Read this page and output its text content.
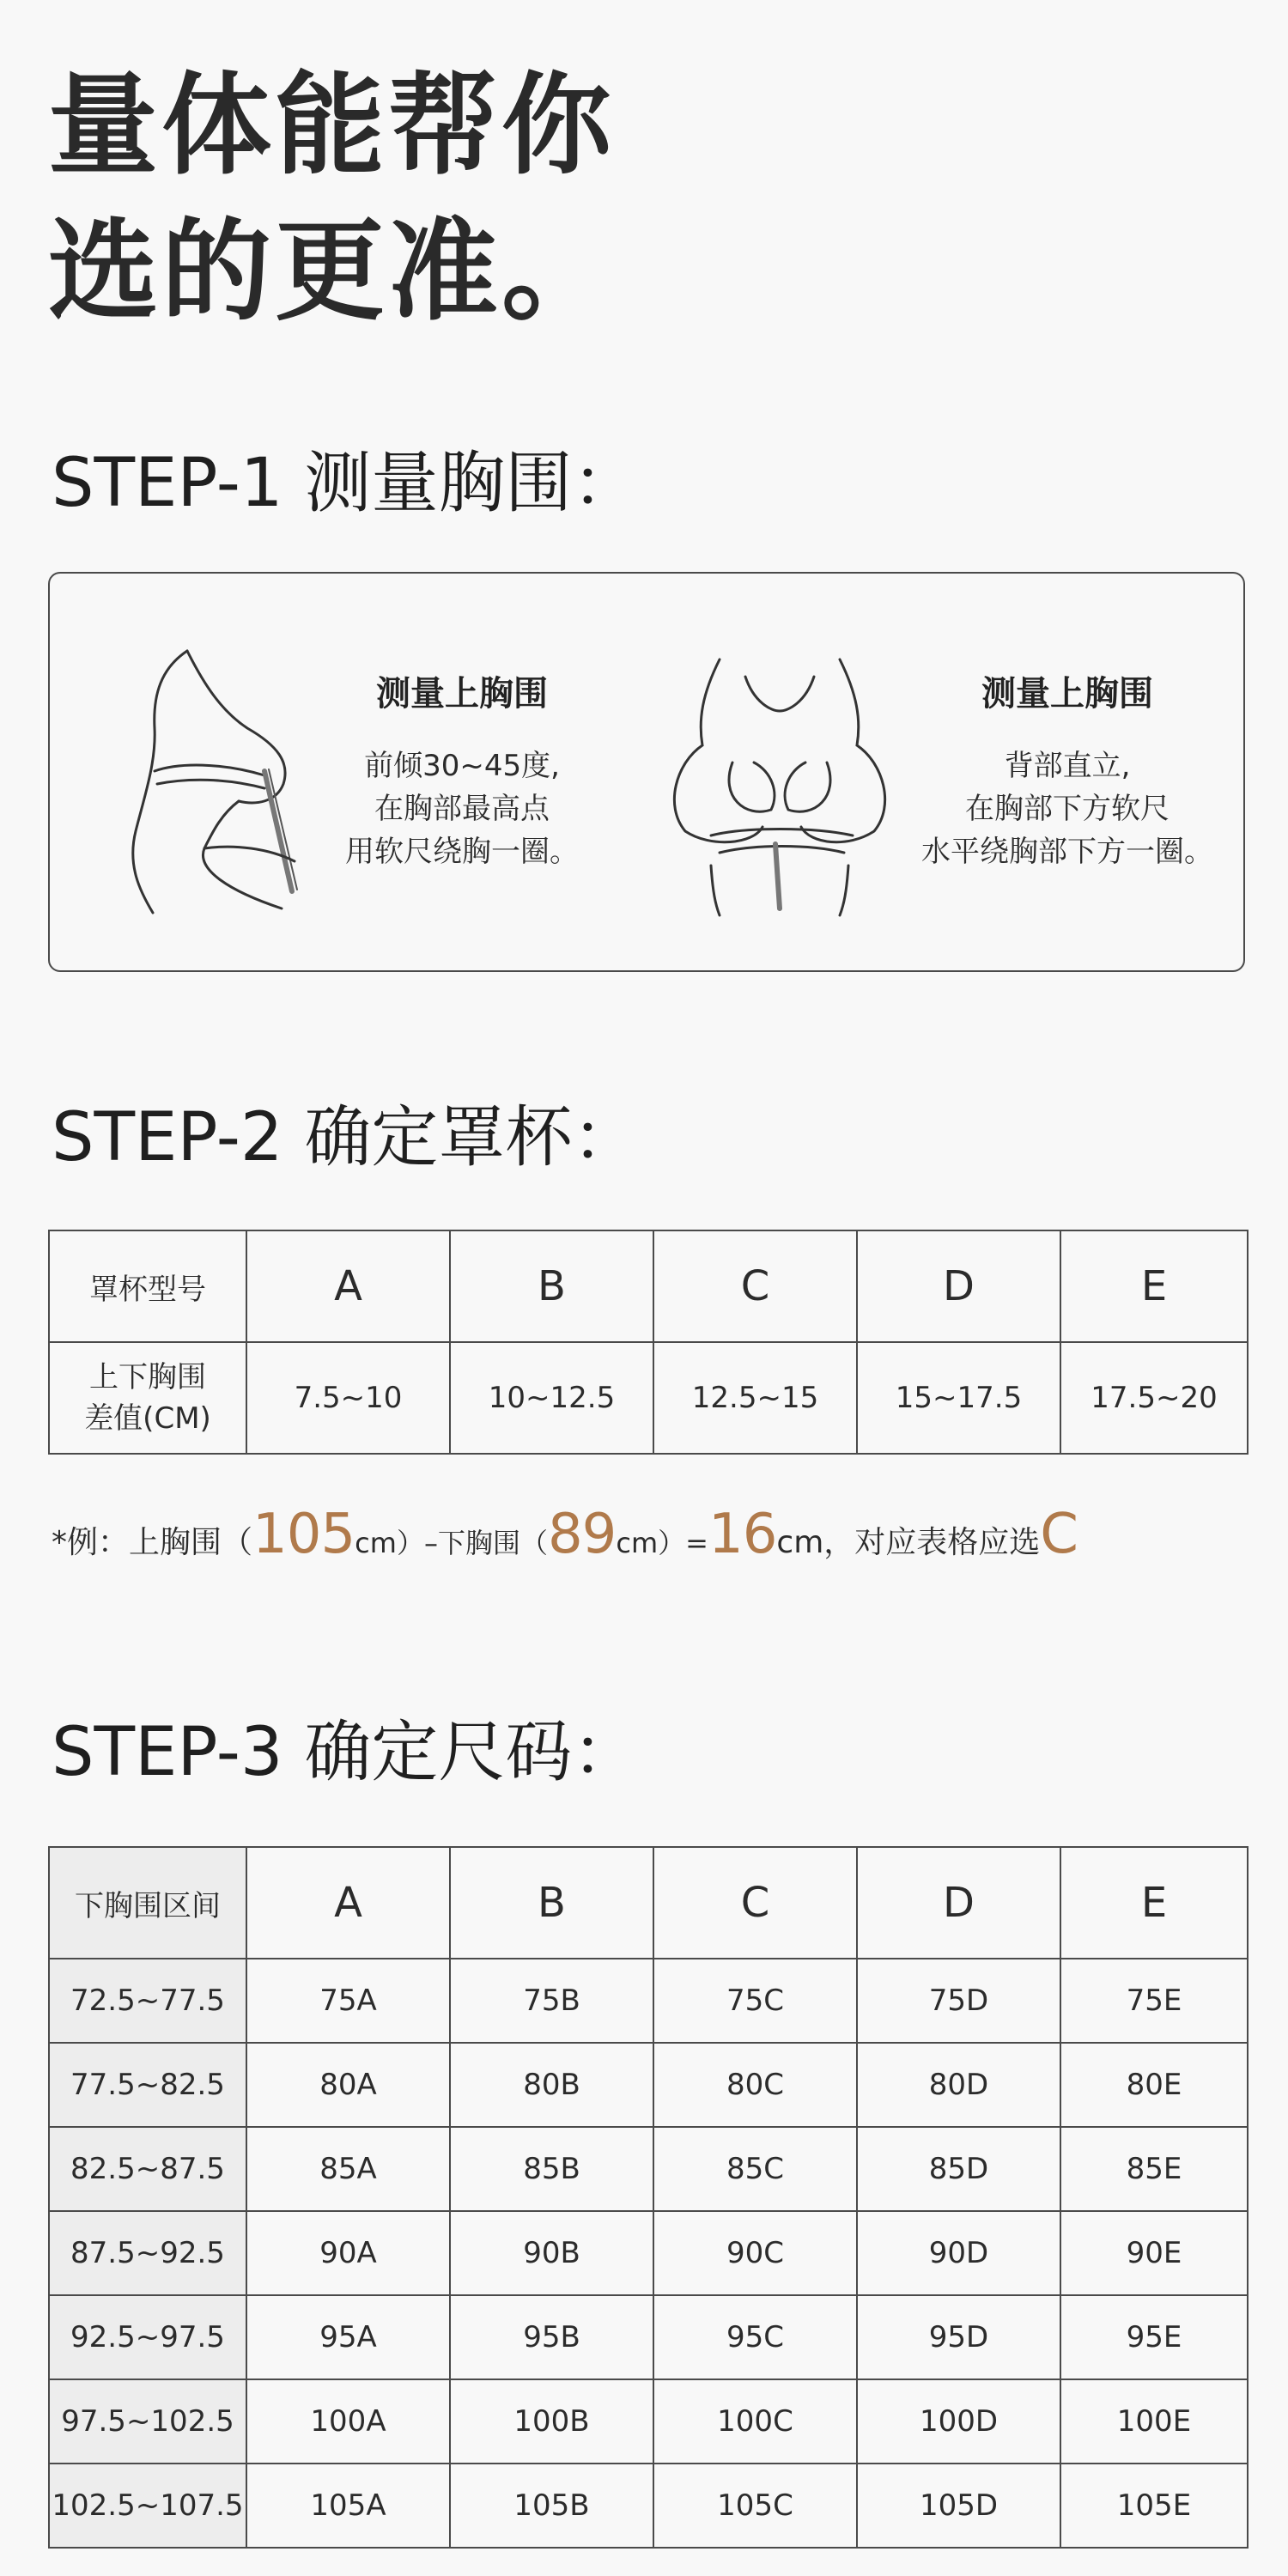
量体能帮你
选的更准。
STEP-1 测量胸围：
测量上胸围
前倾30~45度,
在胸部最高点
用软尺绕胸一圈。
测量上胸围
背部直立,
在胸部下方软尺
水平绕胸部下方一圈。
STEP-2 确定罩杯：
罩杯型号	A	B	C	D	E

上下胸围
差值(CM)	7.5~10	10~12.5	12.5~15	15~17.5	17.5~20
*例：上胸围（105cm）–下胸围（89cm）=16cm，对应表格应选C
STEP-3 确定尺码：
下胸围区间	A	B	C	D	E
72.5~77.5	75A	75B	75C	75D	75E
77.5~82.5	80A	80B	80C	80D	80E
82.5~87.5	85A	85B	85C	85D	85E
87.5~92.5	90A	90B	90C	90D	90E
92.5~97.5	95A	95B	95C	95D	95E
97.5~102.5	100A	100B	100C	100D	100E
102.5~107.5	105A	105B	105C	105D	105E
